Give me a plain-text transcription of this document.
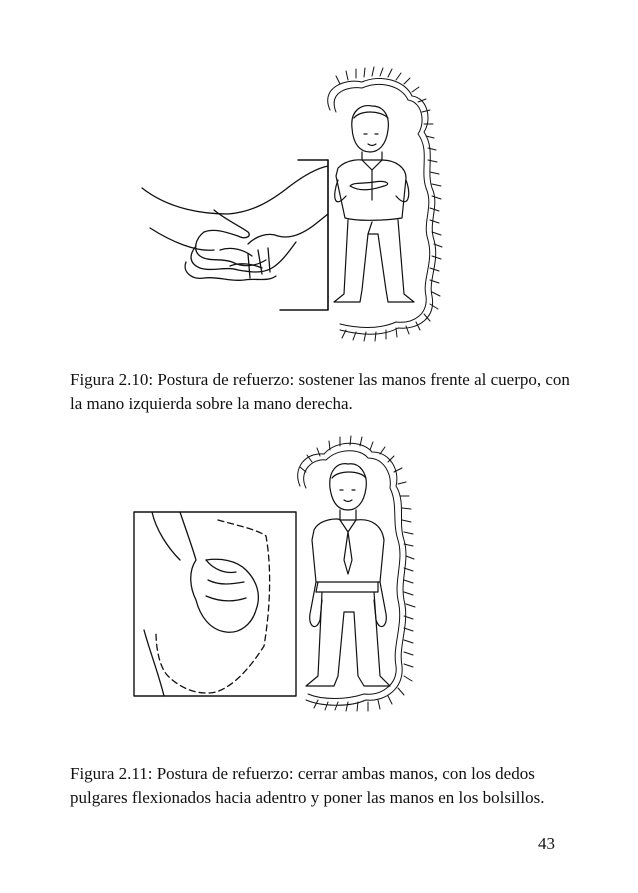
Figura 2.10: Postura de refuerzo: sostener las manos frente al cuerpo, con la mano izquierda sobre la mano derecha.

Figura 2.11: Postura de refuerzo: cerrar ambas manos, con los dedos pulgares flexionados hacia adentro y poner las manos en los bolsillos.

43
